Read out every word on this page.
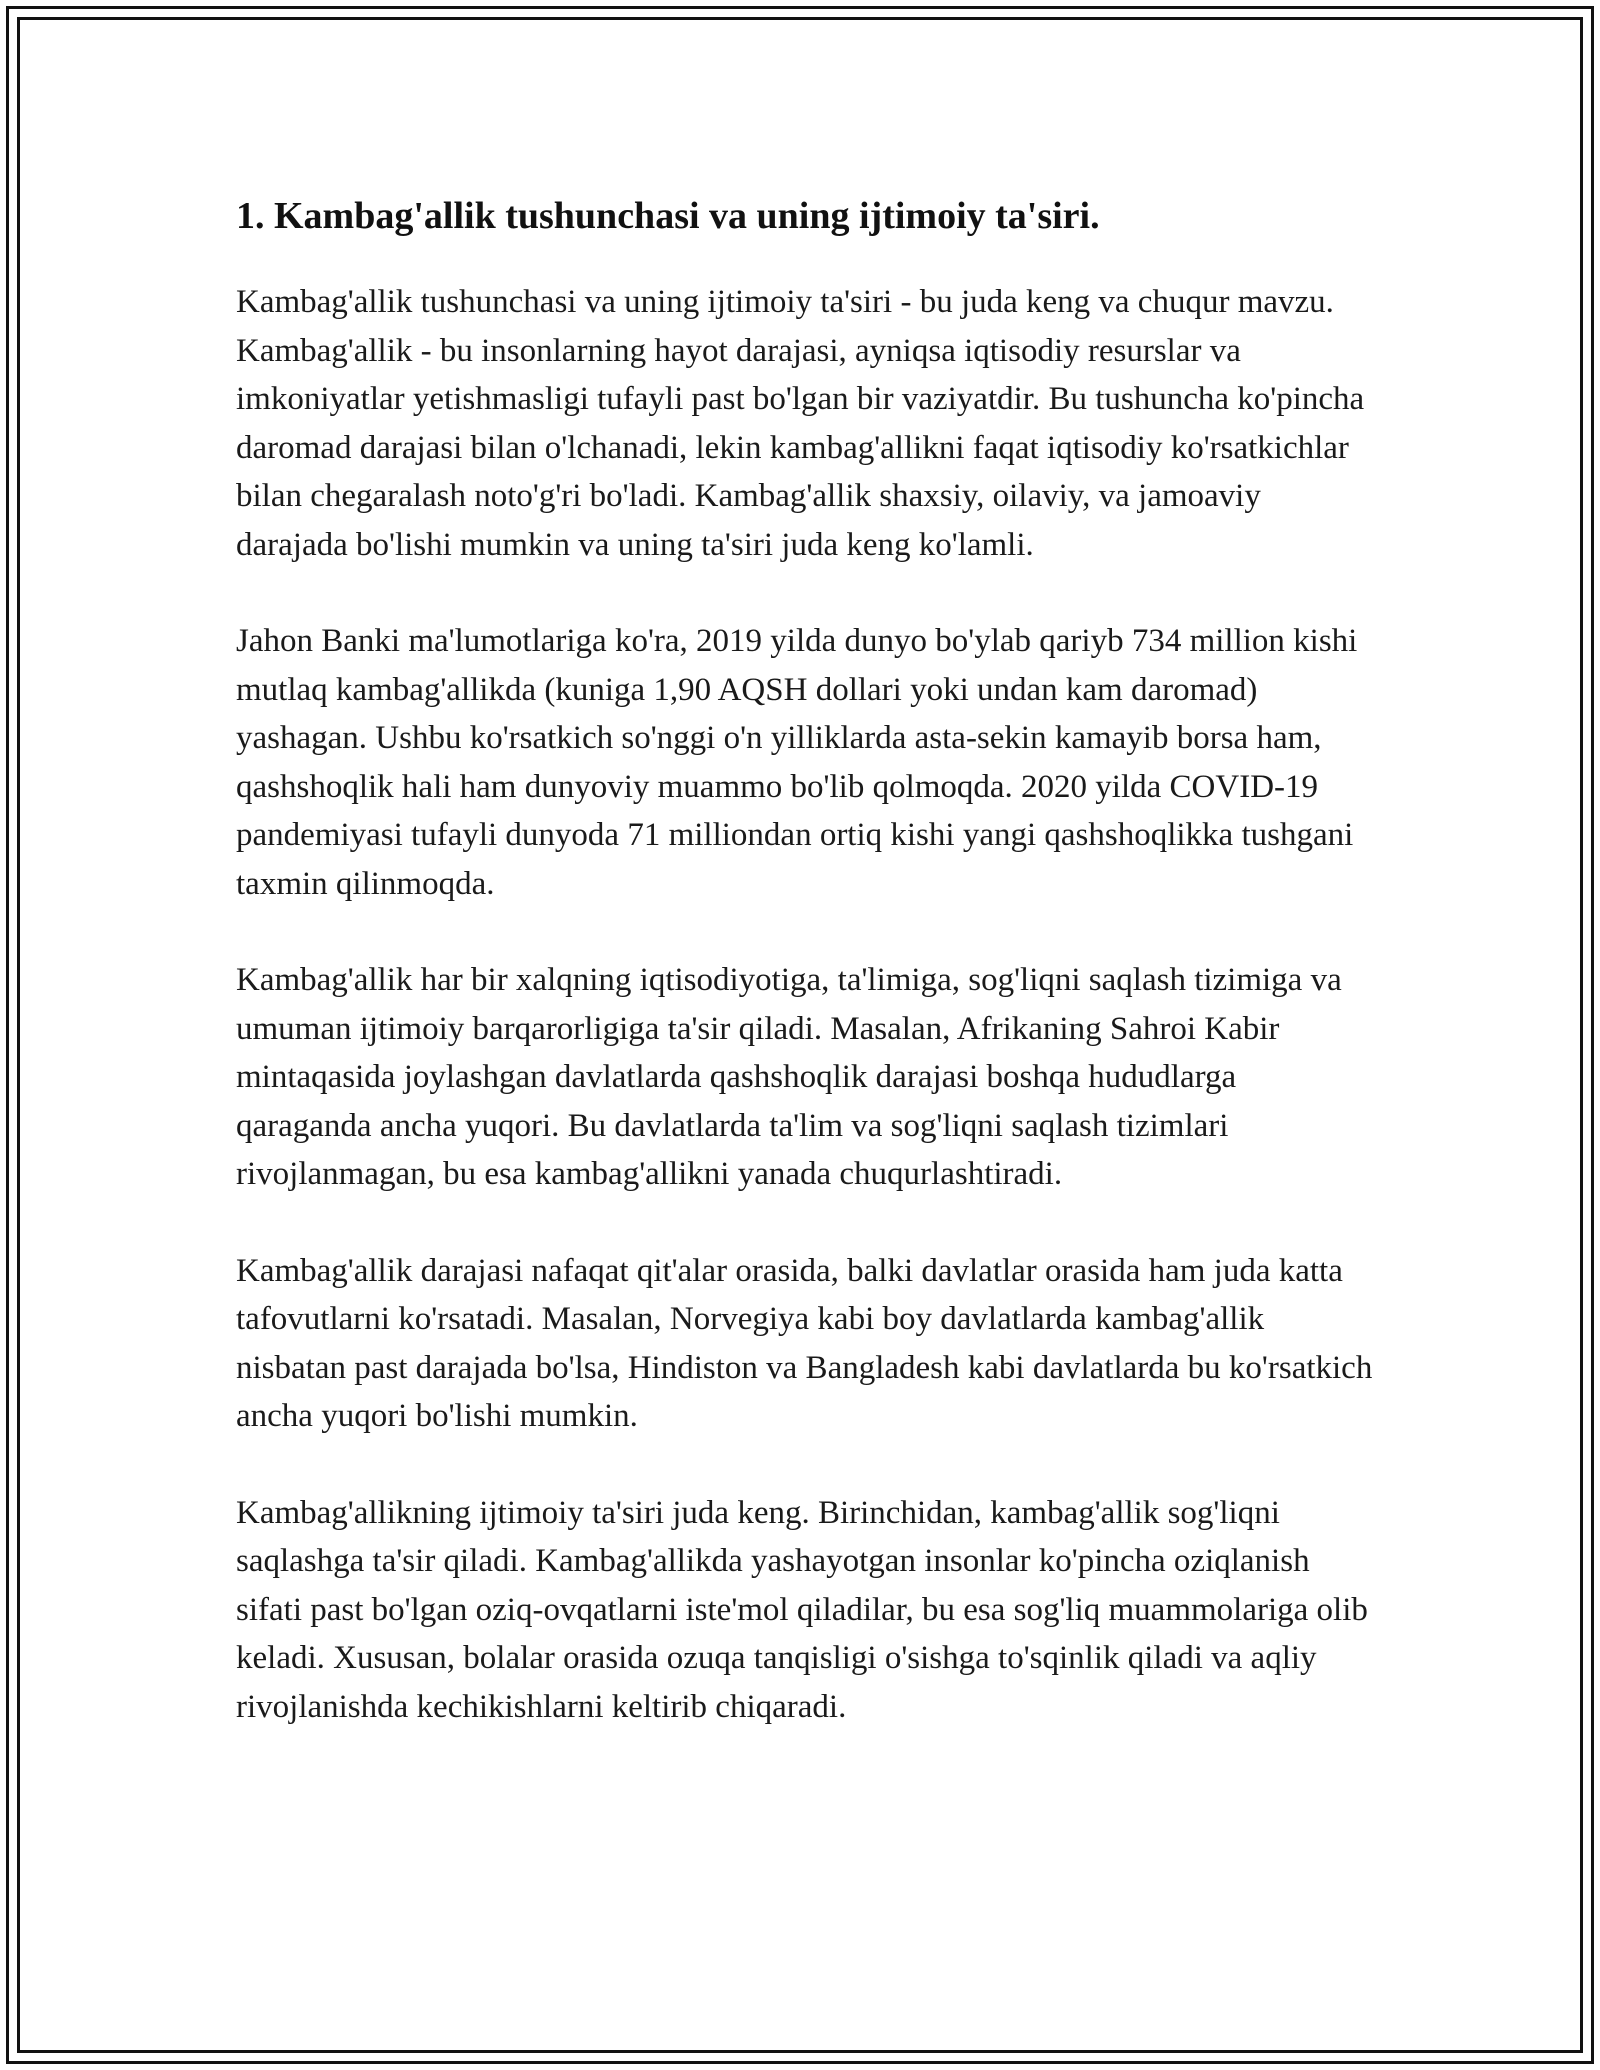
1. Kambag'allik tushunchasi va uning ijtimoiy ta'siri.

Kambag'allik tushunchasi va uning ijtimoiy ta'siri - bu juda keng va chuqur mavzu. Kambag'allik - bu insonlarning hayot darajasi, ayniqsa iqtisodiy resurslar va imkoniyatlar yetishmasligi tufayli past bo'lgan bir vaziyatdir. Bu tushuncha ko'pincha daromad darajasi bilan o'lchanadi, lekin kambag'allikni faqat iqtisodiy ko'rsatkichlar bilan chegaralash noto'g'ri bo'ladi. Kambag'allik shaxsiy, oilaviy, va jamoaviy darajada bo'lishi mumkin va uning ta'siri juda keng ko'lamli.

Jahon Banki ma'lumotlariga ko'ra, 2019 yilda dunyo bo'ylab qariyb 734 million kishi mutlaq kambag'allikda (kuniga 1,90 AQSH dollari yoki undan kam daromad) yashagan. Ushbu ko'rsatkich so'nggi o'n yilliklarda asta-sekin kamayib borsa ham, qashshoqlik hali ham dunyoviy muammo bo'lib qolmoqda. 2020 yilda COVID-19 pandemiyasi tufayli dunyoda 71 milliondan ortiq kishi yangi qashshoqlikka tushgani taxmin qilinmoqda.

Kambag'allik har bir xalqning iqtisodiyotiga, ta'limiga, sog'liqni saqlash tizimiga va umuman ijtimoiy barqarorligiga ta'sir qiladi. Masalan, Afrikaning Sahroi Kabir mintaqasida joylashgan davlatlarda qashshoqlik darajasi boshqa hududlarga qaraganda ancha yuqori. Bu davlatlarda ta'lim va sog'liqni saqlash tizimlari rivojlanmagan, bu esa kambag'allikni yanada chuqurlashtiradi.

Kambag'allik darajasi nafaqat qit'alar orasida, balki davlatlar orasida ham juda katta tafovutlarni ko'rsatadi. Masalan, Norvegiya kabi boy davlatlarda kambag'allik nisbatan past darajada bo'lsa, Hindiston va Bangladesh kabi davlatlarda bu ko'rsatkich ancha yuqori bo'lishi mumkin.

Kambag'allikning ijtimoiy ta'siri juda keng. Birinchidan, kambag'allik sog'liqni saqlashga ta'sir qiladi. Kambag'allikda yashayotgan insonlar ko'pincha oziqlanish sifati past bo'lgan oziq-ovqatlarni iste'mol qiladilar, bu esa sog'liq muammolariga olib keladi. Xususan, bolalar orasida ozuqa tanqisligi o'sishga to'sqinlik qiladi va aqliy rivojlanishda kechikishlarni keltirib chiqaradi.
